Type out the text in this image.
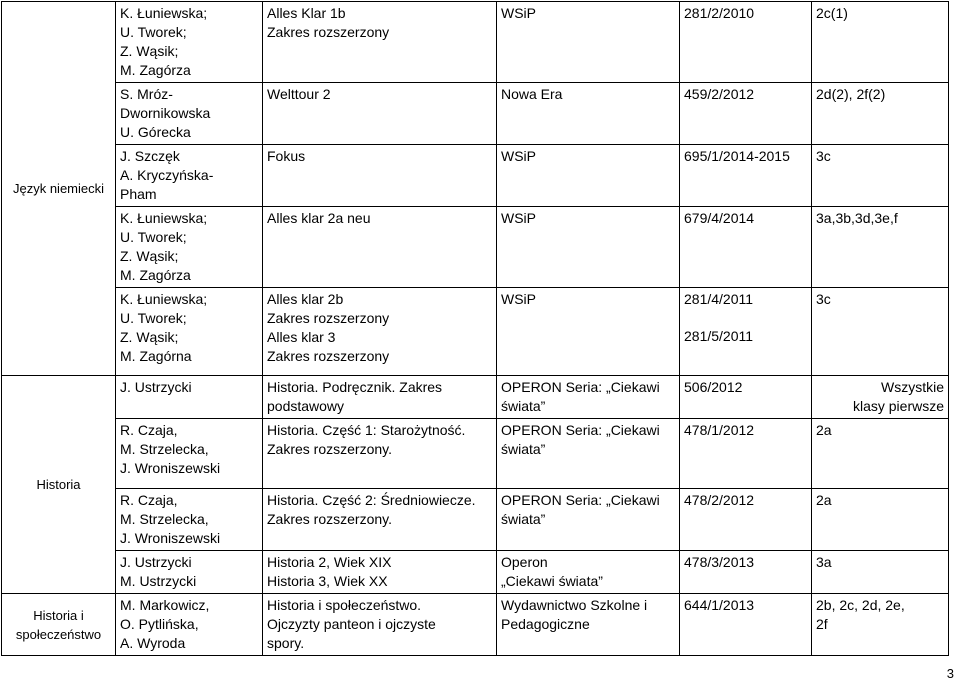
Język niemiecki	K. Łuniewska;
U. Tworek;
Z. Wąsik;
M. Zagórza	Alles Klar 1b
Zakres rozszerzony	WSiP	281/2/2010	2c(1)

	S. Mróz-
Dwornikowska
U. Górecka	Welttour 2	Nowa Era	459/2/2012	2d(2), 2f(2)

	J. Szczęk
A. Kryczyńska-
Pham	Fokus	WSiP	695/1/2014-2015	3c

	K. Łuniewska;
U. Tworek;
Z. Wąsik;
M. Zagórza	Alles klar 2a neu	WSiP	679/4/2014	3a,3b,3d,3e,f

	K. Łuniewska;
U. Tworek;
Z. Wąsik;
M. Zagórna	Alles klar 2b
Zakres rozszerzony
Alles klar 3
Zakres rozszerzony	WSiP	281/4/2011
281/5/2011	3c

Historia	J. Ustrzycki	Historia. Podręcznik. Zakres
podstawowy	OPERON Seria: „Ciekawi
świata”	506/2012	Wszystkie
klasy pierwsze

	R. Czaja,
M. Strzelecka,
J. Wroniszewski	Historia. Część 1: Starożytność.
Zakres rozszerzony.	OPERON Seria: „Ciekawi
świata”	478/1/2012	2a

	R. Czaja,
M. Strzelecka,
J. Wroniszewski	Historia. Część 2: Średniowiecze.
Zakres rozszerzony.	OPERON Seria: „Ciekawi
świata”	478/2/2012	2a

	J. Ustrzycki
M. Ustrzycki	Historia 2, Wiek XIX
Historia 3, Wiek XX	Operon
„Ciekawi świata”	478/3/2013	3a

Historia i
społeczeństwo	M. Markowicz,
O. Pytlińska,
A. Wyroda	Historia i społeczeństwo.
Ojczyzty panteon i ojczyste
spory.	Wydawnictwo Szkolne i
Pedagogiczne	644/1/2013	2b, 2c, 2d, 2e,
2f
3
